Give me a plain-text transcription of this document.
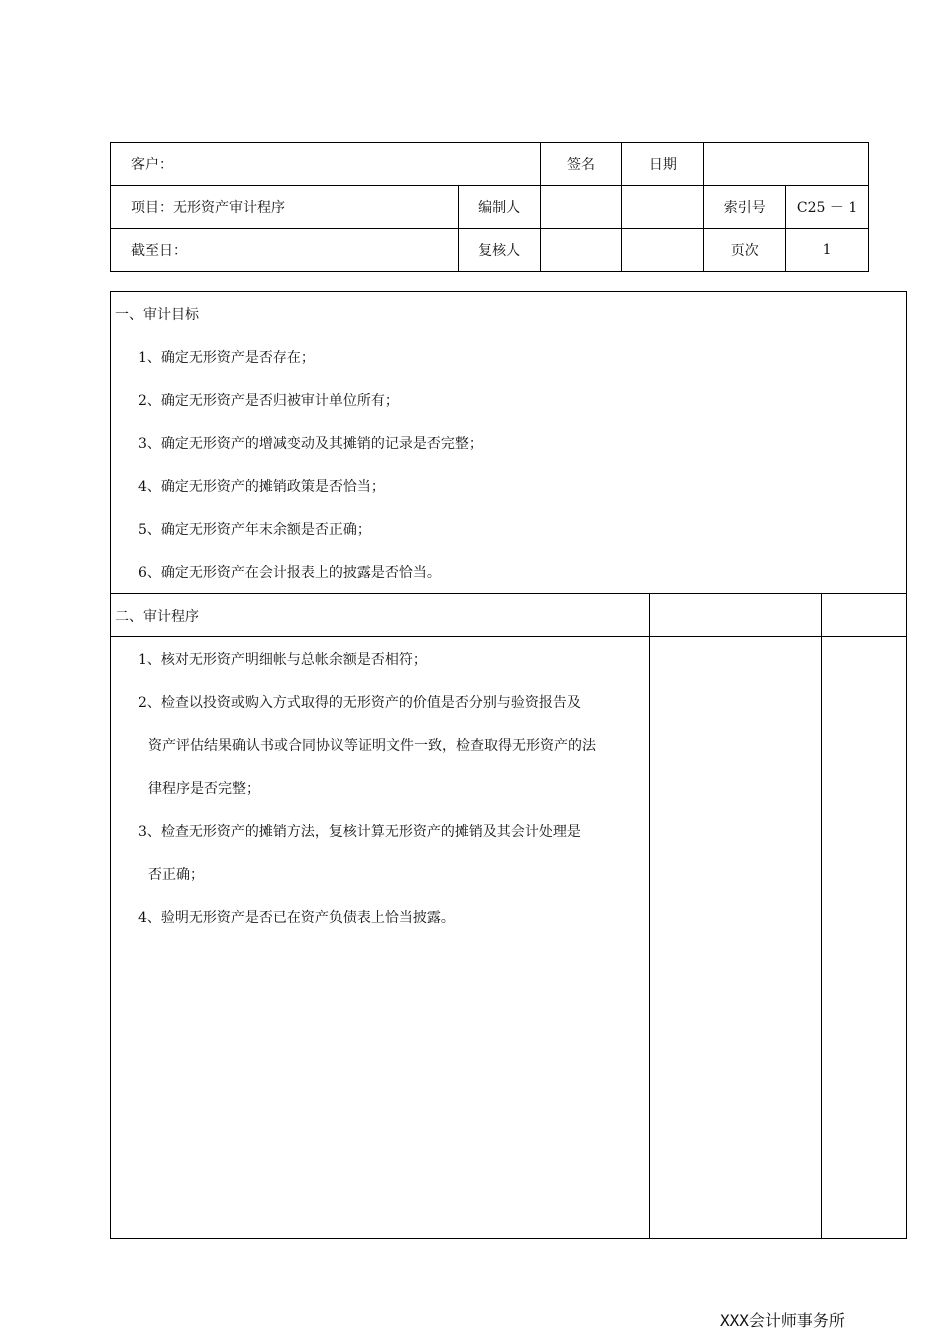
客户：		签名	日期		
项目：无形资产审计程序	编制人			索引号	C25 － 1
截至日：	复核人			页次	1
一、审计目标
1、确定无形资产是否存在；
2、确定无形资产是否归被审计单位所有；
3、确定无形资产的增减变动及其摊销的记录是否完整；
4、确定无形资产的摊销政策是否恰当；
5、确定无形资产年末余额是否正确；
6、确定无形资产在会计报表上的披露是否恰当。
二、审计程序
1、核对无形资产明细帐与总帐余额是否相符；
2、检查以投资或购入方式取得的无形资产的价值是否分别与验资报告及
资产评估结果确认书或合同协议等证明文件一致，检查取得无形资产的法
律程序是否完整；
3、检查无形资产的摊销方法，复核计算无形资产的摊销及其会计处理是
否正确；
4、验明无形资产是否已在资产负债表上恰当披露。
XXX会计师事务所
